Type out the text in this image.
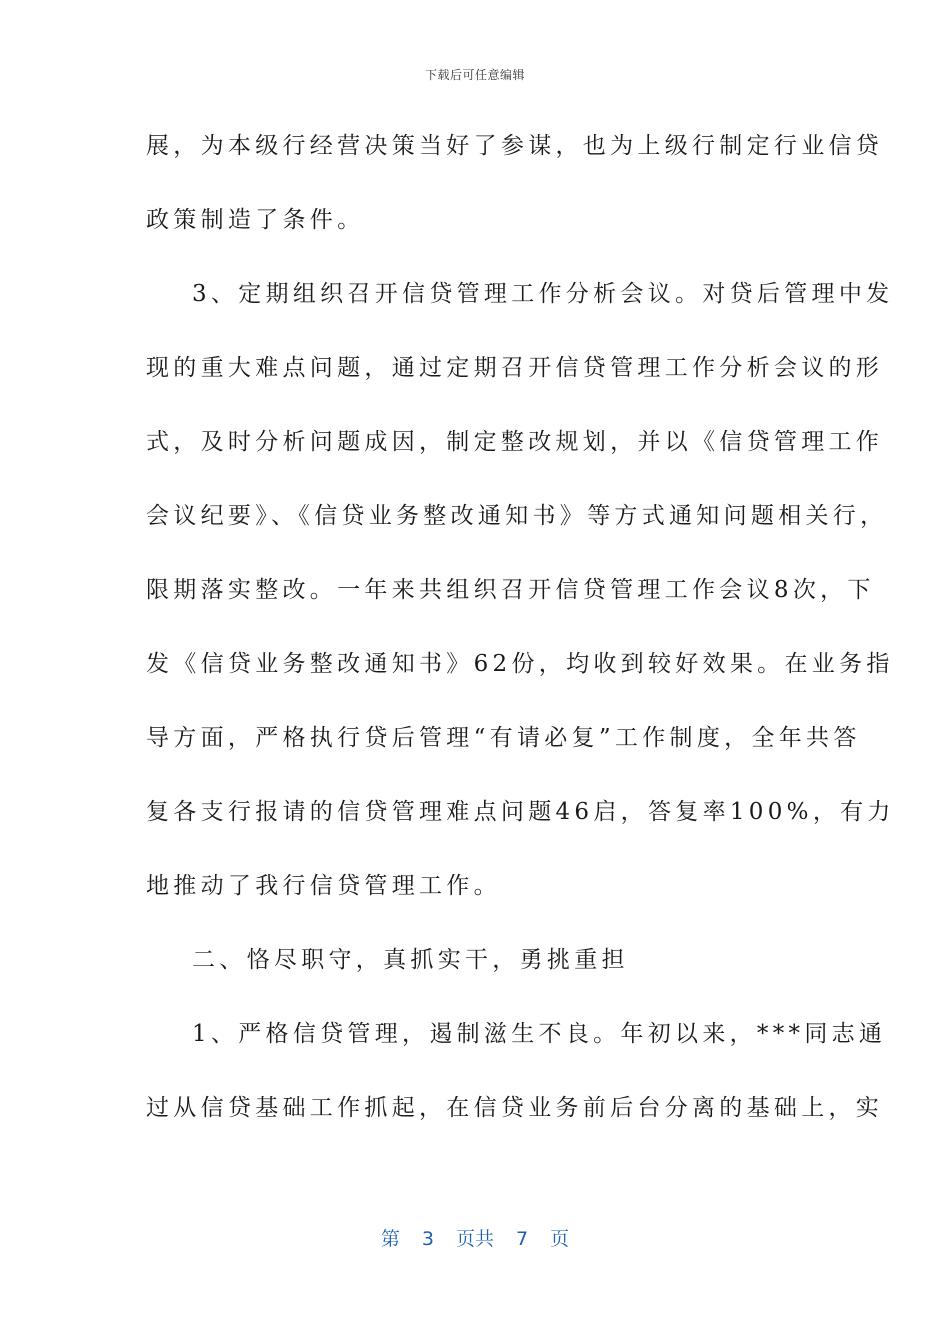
下载后可任意编辑
展，为本级行经营决策当好了参谋，也为上级行制定行业信贷
政策制造了条件。
3、定期组织召开信贷管理工作分析会议。对贷后管理中发
现的重大难点问题，通过定期召开信贷管理工作分析会议的形
式，及时分析问题成因，制定整改规划，并以《信贷管理工作
会议纪要》、《信贷业务整改通知书》等方式通知问题相关行，
限期落实整改。一年来共组织召开信贷管理工作会议8次，下
发《信贷业务整改通知书》62份，均收到较好效果。在业务指
导方面，严格执行贷后管理“有请必复”工作制度，全年共答
复各支行报请的信贷管理难点问题46启，答复率100%，有力
地推动了我行信贷管理工作。
二、恪尽职守，真抓实干，勇挑重担
1、严格信贷管理，遏制滋生不良。年初以来，***同志通
过从信贷基础工作抓起，在信贷业务前后台分离的基础上，实
第 3 页共 7 页
